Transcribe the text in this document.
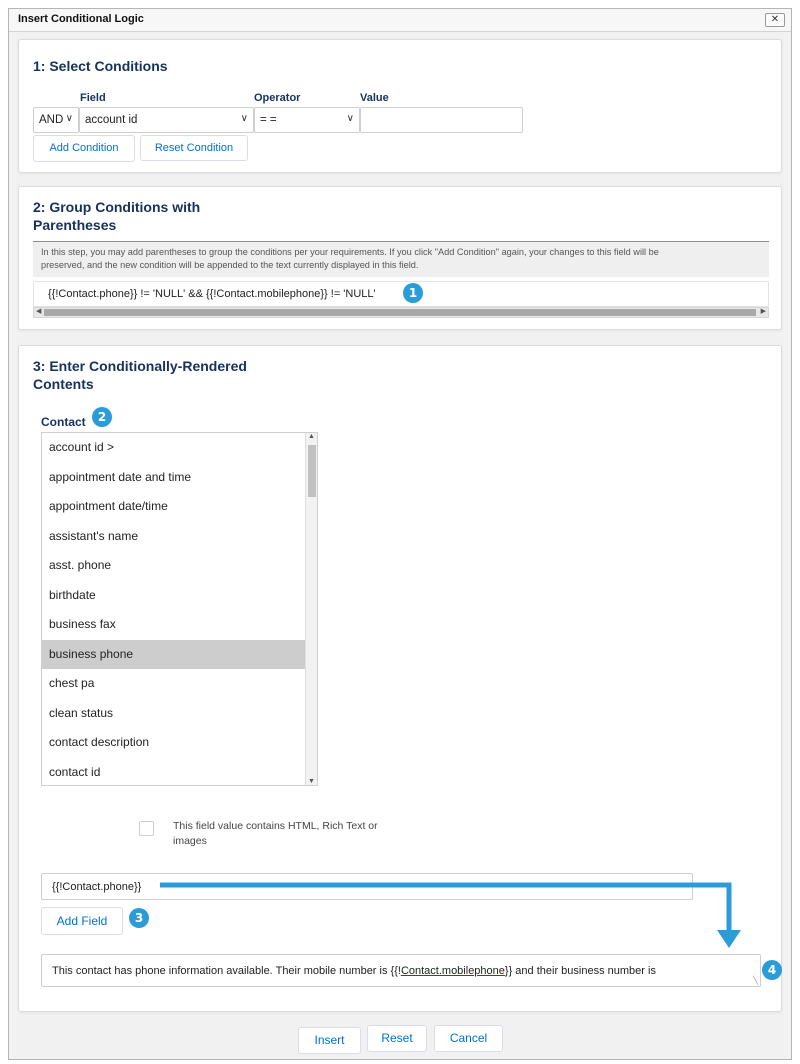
Insert Conditional Logic	✕
1: Select Conditions
Field	Operator	Value
AND ∨ account id	∨ = =	∨
Add Condition	Reset Condition
2: Group Conditions with
Parentheses
In this step, you may add parentheses to group the conditions per your requirements. If you click "Add Condition" again, your changes to this field will be
preserved, and the new condition will be appended to the text currently displayed in this field.
{{!Contact.phone}} != 'NULL' && {{!Contact.mobilephone}} != 'NULL'
◀	▶
3: Enter Conditionally-Rendered
Contents
Contact
account id >
appointment date and time
appointment date/time
assistant's name
asst. phone
birthdate
business fax
business phone
chest pa
clean status
contact description
contact id
▲
▼
This field value contains HTML, Rich Text or
images
{{!Contact.phone}}
Add Field
This contact has phone information available. Their mobile number is {{!Contact.mobilephone}} and their business number is
╲
Insert	Reset	Cancel
1
2
3
4
